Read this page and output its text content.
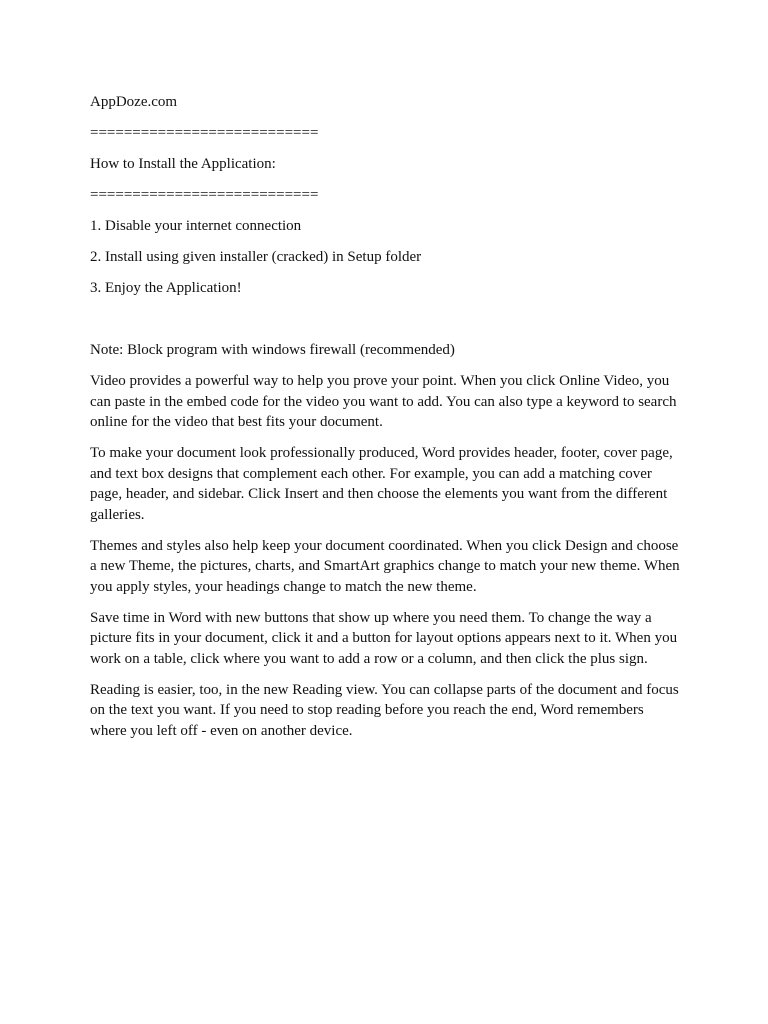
AppDoze.com
===========================
How to Install the Application:
===========================
1. Disable your internet connection
2. Install using given installer (cracked) in Setup folder
3. Enjoy the Application!
Note: Block program with windows firewall (recommended)

Video provides a powerful way to help you prove your point. When you click Online Video, you can paste in the embed code for the video you want to add. You can also type a keyword to search online for the video that best fits your document.

To make your document look professionally produced, Word provides header, footer, cover page, and text box designs that complement each other. For example, you can add a matching cover page, header, and sidebar. Click Insert and then choose the elements you want from the different galleries.

Themes and styles also help keep your document coordinated. When you click Design and choose a new Theme, the pictures, charts, and SmartArt graphics change to match your new theme. When you apply styles, your headings change to match the new theme.

Save time in Word with new buttons that show up where you need them. To change the way a picture fits in your document, click it and a button for layout options appears next to it. When you work on a table, click where you want to add a row or a column, and then click the plus sign.

Reading is easier, too, in the new Reading view. You can collapse parts of the document and focus on the text you want. If you need to stop reading before you reach the end, Word remembers where you left off - even on another device.
